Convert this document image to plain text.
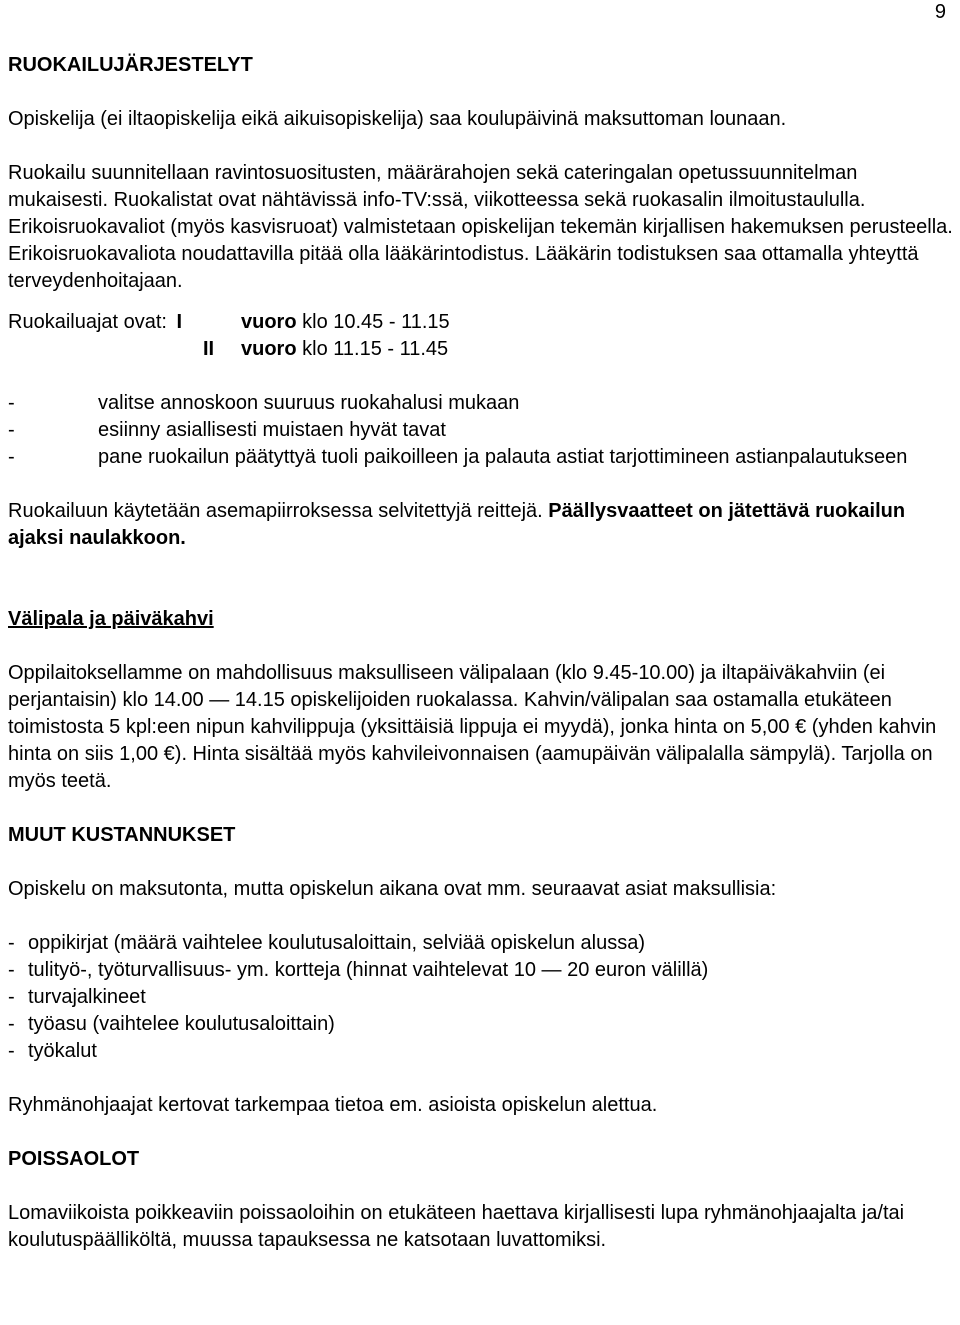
9
RUOKAILUJÄRJESTELYT

Opiskelija (ei iltaopiskelija eikä aikuisopiskelija) saa koulupäivinä maksuttoman lounaan.

Ruokailu suunnitellaan ravintosuositusten, määrärahojen sekä cateringalan opetussuunnitelman mukaisesti. Ruokalistat ovat nähtävissä info-TV:ssä, viikotteessa sekä ruokasalin ilmoitustaululla. Erikoisruokavaliot (myös kasvisruoat) valmistetaan opiskelijan tekemän kirjallisen hakemuksen perusteella. Erikoisruokavaliota noudattavilla pitää olla lääkärintodistus. Lääkärin todistuksen saa ottamalla yhteyttä terveydenhoitajaan.

Ruokailuajat ovat: I	vuoro klo 10.45 - 11.15
II	vuoro klo 11.15 - 11.45
- valitse annoskoon suuruus ruokahalusi mukaan
- esiinny asiallisesti muistaen hyvät tavat
- pane ruokailun päätyttyä tuoli paikoilleen ja palauta astiat tarjottimineen astianpalautukseen

Ruokailuun käytetään asemapiirroksessa selvitettyjä reittejä. Päällysvaatteet on jätettävä ruokailun ajaksi naulakkoon.

Välipala ja päiväkahvi

Oppilaitoksellamme on mahdollisuus maksulliseen välipalaan (klo 9.45-10.00) ja iltapäiväkahviin (ei perjantaisin) klo 14.00 — 14.15 opiskelijoiden ruokalassa. Kahvin/välipalan saa ostamalla etukäteen toimistosta 5 kpl:een nipun kahvilippuja (yksittäisiä lippuja ei myydä), jonka hinta on 5,00 € (yhden kahvin hinta on siis 1,00 €). Hinta sisältää myös kahvileivonnaisen (aamupäivän välipalalla sämpylä). Tarjolla on myös teetä.

MUUT KUSTANNUKSET

Opiskelu on maksutonta, mutta opiskelun aikana ovat mm. seuraavat asiat maksullisia:

- oppikirjat (määrä vaihtelee koulutusaloittain, selviää opiskelun alussa)
- tulityö-, työturvallisuus- ym. kortteja (hinnat vaihtelevat 10 — 20 euron välillä)
- turvajalkineet
- työasu (vaihtelee koulutusaloittain)
- työkalut

Ryhmänohjaajat kertovat tarkempaa tietoa em. asioista opiskelun alettua.

POISSAOLOT

Lomaviikoista poikkeaviin poissaoloihin on etukäteen haettava kirjallisesti lupa ryhmänohjaajalta ja/tai koulutuspäälliköltä, muussa tapauksessa ne katsotaan luvattomiksi.
